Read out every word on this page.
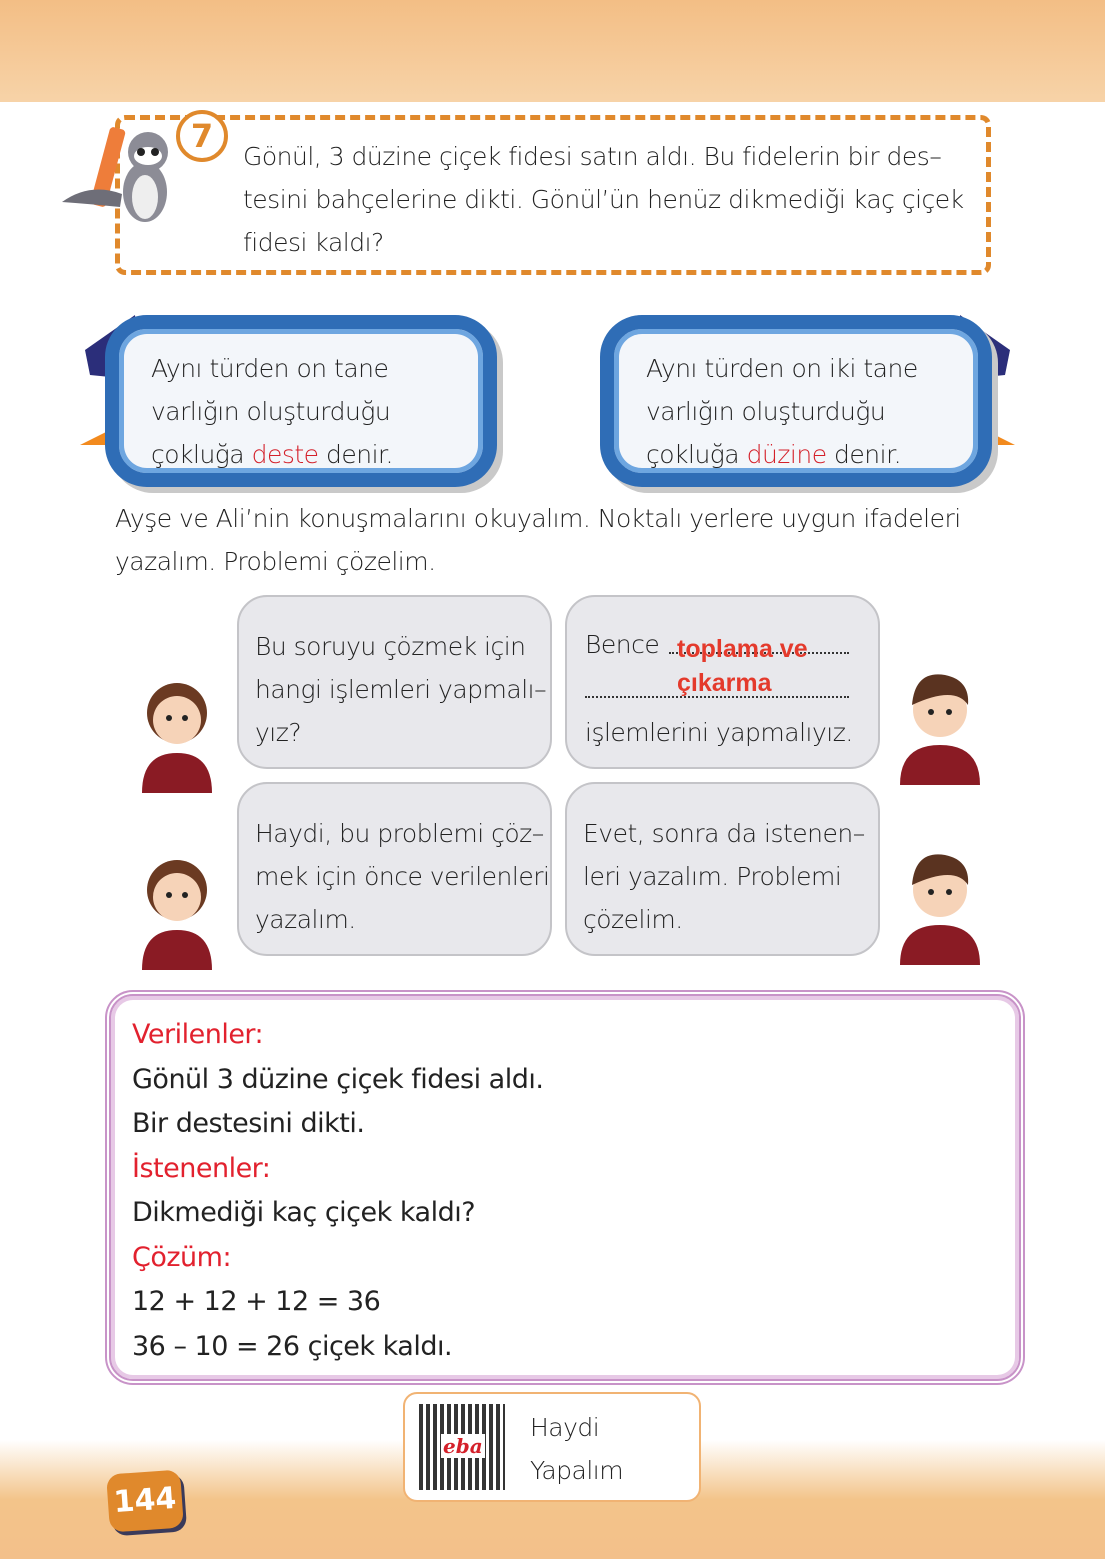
7
Gönül, 3 düzine çiçek fidesi satın aldı. Bu fidelerin bir des–
tesini bahçelerine dikti. Gönül’ün henüz dikmediği kaç çiçek
fidesi kaldı?
Aynı türden on tane
varlığın oluşturduğu
çokluğa deste denir.
Aynı türden on iki tane
varlığın oluşturduğu
çokluğa düzine denir.
Ayşe ve Ali’nin konuşmalarını okuyalım. Noktalı yerlere uygun ifadeleri
yazalım. Problemi çözelim.
Bu soruyu çözmek için
hangi işlemleri yapmalı–
yız?
Bence toplama ve
çıkarma
işlemlerini yapmalıyız.
Haydi, bu problemi çöz–
mek için önce verilenleri
yazalım.
Evet, sonra da istenen–
leri yazalım. Problemi
çözelim.
Verilenler:
Gönül 3 düzine çiçek fidesi aldı.
Bir destesini dikti.
İstenenler:
Dikmediği kaç çiçek kaldı?
Çözüm:
12 + 12 + 12 = 36
36 – 10 = 26 çiçek kaldı.
eba
Haydi
Yapalım
144
